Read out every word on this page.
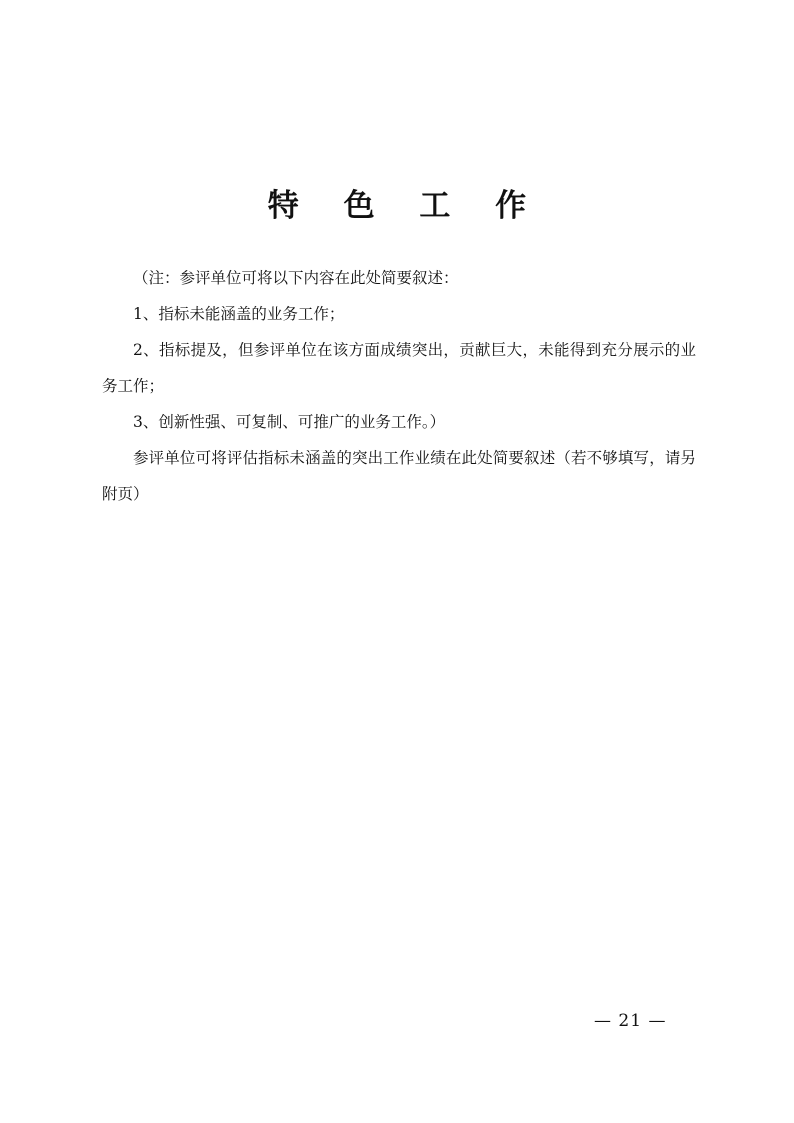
特 色 工 作

（注：参评单位可将以下内容在此处简要叙述：

1、指标未能涵盖的业务工作；

2、指标提及，但参评单位在该方面成绩突出，贡献巨大，未能得到充分展示的业务工作；

3、创新性强、可复制、可推广的业务工作。）

参评单位可将评估指标未涵盖的突出工作业绩在此处简要叙述（若不够填写，请另附页）

— 21 —
